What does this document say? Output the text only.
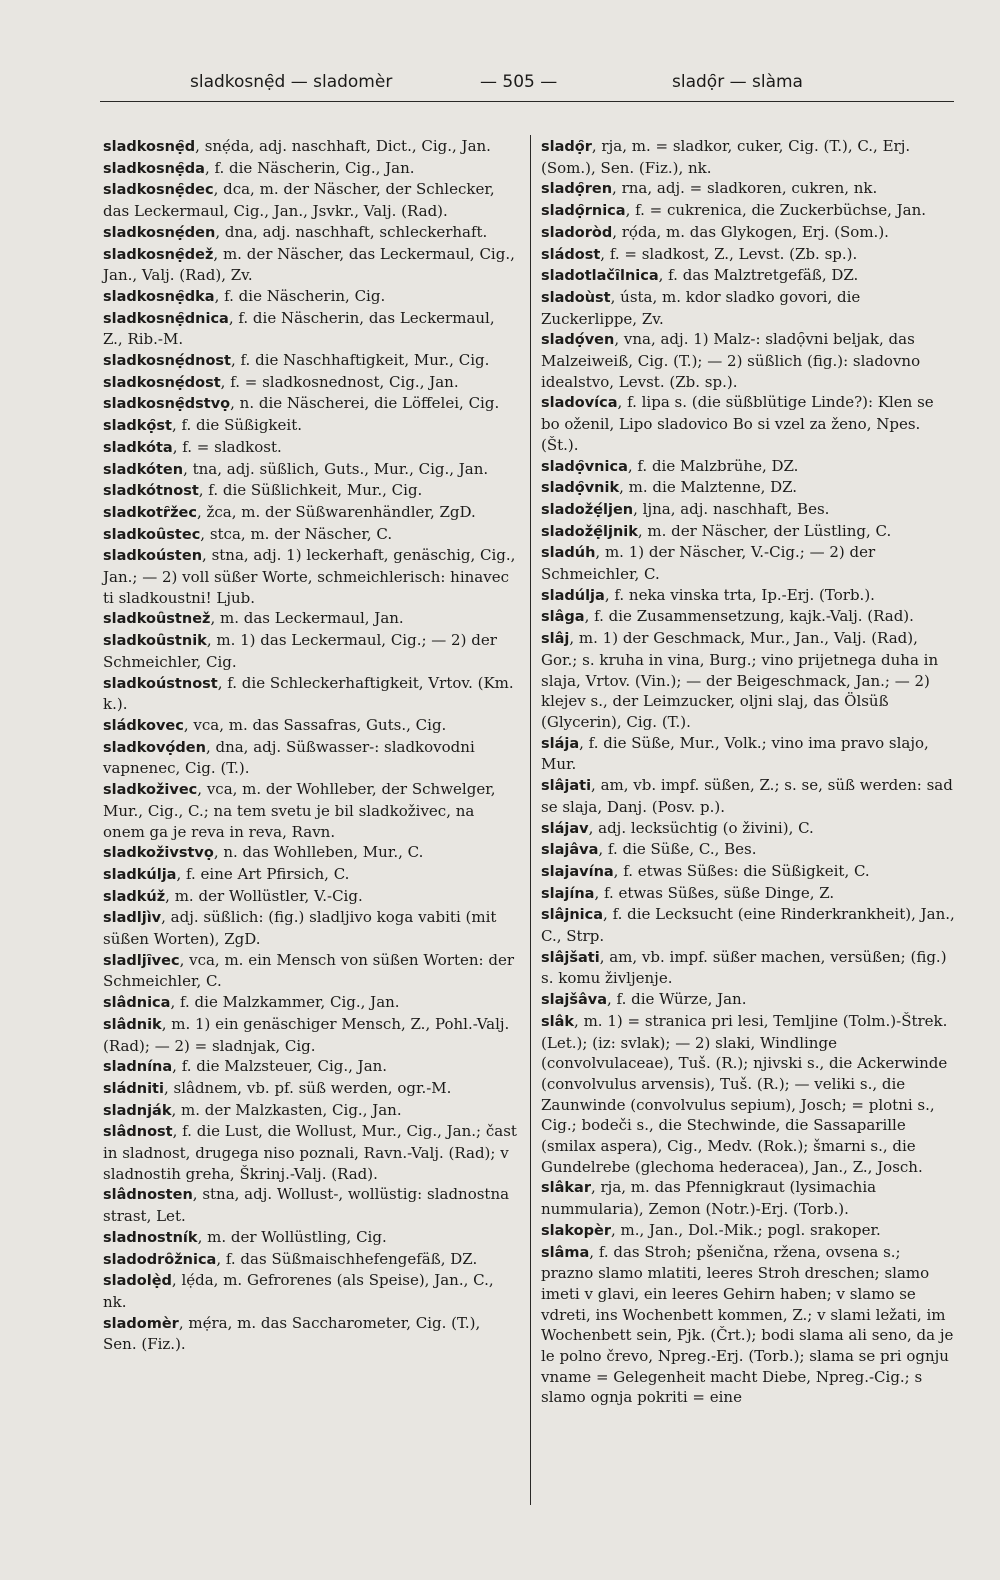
sladkosnẹ̑d — sladomèr	— 505 —	sladọ̑r — slàma

sladkosnẹ̑d, snẹ́da, adj. naschhaft, Dict., Cig., Jan.

sladkosnẹ̑da, f. die Näscherin, Cig., Jan.

sladkosnẹ̑dec, dca, m. der Näscher, der Schlecker, das Leckermaul, Cig., Jan., Jsvkr., Valj. (Rad).

sladkosnẹ́den, dna, adj. naschhaft, schleckerhaft.

sladkosnẹ̑dež, m. der Näscher, das Leckermaul, Cig., Jan., Valj. (Rad), Zv.

sladkosnẹ̑dka, f. die Näscherin, Cig.

sladkosnẹ̑dnica, f. die Näscherin, das Leckermaul, Z., Rib.-M.

sladkosnẹ́dnost, f. die Naschhaftigkeit, Mur., Cig.

sladkosnẹ́dost, f. = sladkosnednost, Cig., Jan.

sladkosnẹ̑dstvọ, n. die Näscherei, die Löffelei, Cig.

sladkọ̑st, f. die Süßigkeit.

sladkóta, f. = sladkost.

sladkóten, tna, adj. süßlich, Guts., Mur., Cig., Jan.

sladkótnost, f. die Süßlichkeit, Mur., Cig.

sladkotȓžec, žca, m. der Süßwarenhändler, ZgD.

sladkoȗstec, stca, m. der Näscher, C.

sladkoústen, stna, adj. 1) leckerhaft, genäschig, Cig., Jan.; — 2) voll süßer Worte, schmeichlerisch: hinavec ti sladkoustni! Ljub.

sladkoȗstnež, m. das Leckermaul, Jan.

sladkoȗstnik, m. 1) das Leckermaul, Cig.; — 2) der Schmeichler, Cig.

sladkoústnost, f. die Schleckerhaftigkeit, Vrtov. (Km. k.).

sládkovec, vca, m. das Sassafras, Guts., Cig.

sladkovọ́den, dna, adj. Süßwasser-: sladkovodni vapnenec, Cig. (T.).

sladkoživec, vca, m. der Wohlleber, der Schwelger, Mur., Cig., C.; na tem svetu je bil sladkoživec, na onem ga je reva in reva, Ravn.

sladkoživstvọ, n. das Wohlleben, Mur., C.

sladkúlja, f. eine Art Pfirsich, C.

sladkúž, m. der Wollüstler, V.-Cig.

sladljìv, adj. süßlich: (fig.) sladljivo koga vabiti (mit süßen Worten), ZgD.

sladljȋvec, vca, m. ein Mensch von süßen Worten: der Schmeichler, C.

slâdnica, f. die Malzkammer, Cig., Jan.

slâdnik, m. 1) ein genäschiger Mensch, Z., Pohl.-Valj. (Rad); — 2) = sladnjak, Cig.

sladnína, f. die Malzsteuer, Cig., Jan.

sládniti, slâdnem, vb. pf. süß werden, ogr.-M.

sladnják, m. der Malzkasten, Cig., Jan.

slâdnost, f. die Lust, die Wollust, Mur., Cig., Jan.; čast in sladnost, drugega niso poznali, Ravn.-Valj. (Rad); v sladnostih greha, Škrinj.-Valj. (Rad).

slâdnosten, stna, adj. Wollust-, wollüstig: sladnostna strast, Let.

sladnostník, m. der Wollüstling, Cig.

sladodrȏžnica, f. das Süßmaischhefengefäß, DZ.

sladolẹ̀d, lẹ́da, m. Gefrorenes (als Speise), Jan., C., nk.

sladomèr, mẹ́ra, m. das Saccharometer, Cig. (T.), Sen. (Fiz.).

sladọ̑r, rja, m. = sladkor, cuker, Cig. (T.), C., Erj. (Som.), Sen. (Fiz.), nk.

sladọ̑ren, rna, adj. = sladkoren, cukren, nk.

sladọ̑rnica, f. = cukrenica, die Zuckerbüchse, Jan.

sladoròd, rọ́da, m. das Glykogen, Erj. (Som.).

sládost, f. = sladkost, Z., Levst. (Zb. sp.).

sladotlačȋlnica, f. das Malztretgefäß, DZ.

sladoùst, ústa, m. kdor sladko govori, die Zuckerlippe, Zv.

sladọ́ven, vna, adj. 1) Malz-: sladọ̑vni beljak, das Malzeiweiß, Cig. (T.); — 2) süßlich (fig.): sladovno idealstvo, Levst. (Zb. sp.).

sladovíca, f. lipa s. (die süßblütige Linde?): Klen se bo oženil, Lipo sladovico Bo si vzel za ženo, Npes. (Št.).

sladọ̑vnica, f. die Malzbrühe, DZ.

sladọ̑vnik, m. die Malztenne, DZ.

sladožẹ́ljen, ljna, adj. naschhaft, Bes.

sladožẹ̑ljnik, m. der Näscher, der Lüstling, C.

sladúh, m. 1) der Näscher, V.-Cig.; — 2) der Schmeichler, C.

sladúlja, f. neka vinska trta, Ip.-Erj. (Torb.).

slâga, f. die Zusammensetzung, kajk.-Valj. (Rad).

slâj, m. 1) der Geschmack, Mur., Jan., Valj. (Rad), Gor.; s. kruha in vina, Burg.; vino prijetnega duha in slaja, Vrtov. (Vin.); — der Beigeschmack, Jan.; — 2) klejev s., der Leimzucker, oljni slaj, das Ölsüß (Glycerin), Cig. (T.).

slája, f. die Süße, Mur., Volk.; vino ima pravo slajo, Mur.

slâjati, am, vb. impf. süßen, Z.; s. se, süß werden: sad se slaja, Danj. (Posv. p.).

slájav, adj. lecksüchtig (o živini), C.

slajâva, f. die Süße, C., Bes.

slajavína, f. etwas Süßes: die Süßigkeit, C.

slajína, f. etwas Süßes, süße Dinge, Z.

slâjnica, f. die Lecksucht (eine Rinderkrankheit), Jan., C., Strp.

slâjšati, am, vb. impf. süßer machen, versüßen; (fig.) s. komu življenje.

slajšâva, f. die Würze, Jan.

slâk, m. 1) = stranica pri lesi, Temljine (Tolm.)-Štrek. (Let.); (iz: svlak); — 2) slaki, Windlinge (convolvulaceae), Tuš. (R.); njivski s., die Ackerwinde (convolvulus arvensis), Tuš. (R.); — veliki s., die Zaunwinde (convolvulus sepium), Josch; = plotni s., Cig.; bodeči s., die Stechwinde, die Sassaparille (smilax aspera), Cig., Medv. (Rok.); šmarni s., die Gundelrebe (glechoma hederacea), Jan., Z., Josch.

slâkar, rja, m. das Pfennigkraut (lysimachia nummularia), Zemon (Notr.)-Erj. (Torb.).

slakopèr, m., Jan., Dol.-Mik.; pogl. srakoper.

slâma, f. das Stroh; pšenična, ržena, ovsena s.; prazno slamo mlatiti, leeres Stroh dreschen; slamo imeti v glavi, ein leeres Gehirn haben; v slamo se vdreti, ins Wochenbett kommen, Z.; v slami ležati, im Wochenbett sein, Pjk. (Črt.); bodi slama ali seno, da je le polno črevo, Npreg.-Erj. (Torb.); slama se pri ognju vname = Gelegenheit macht Diebe, Npreg.-Cig.; s slamo ognja pokriti = eine
